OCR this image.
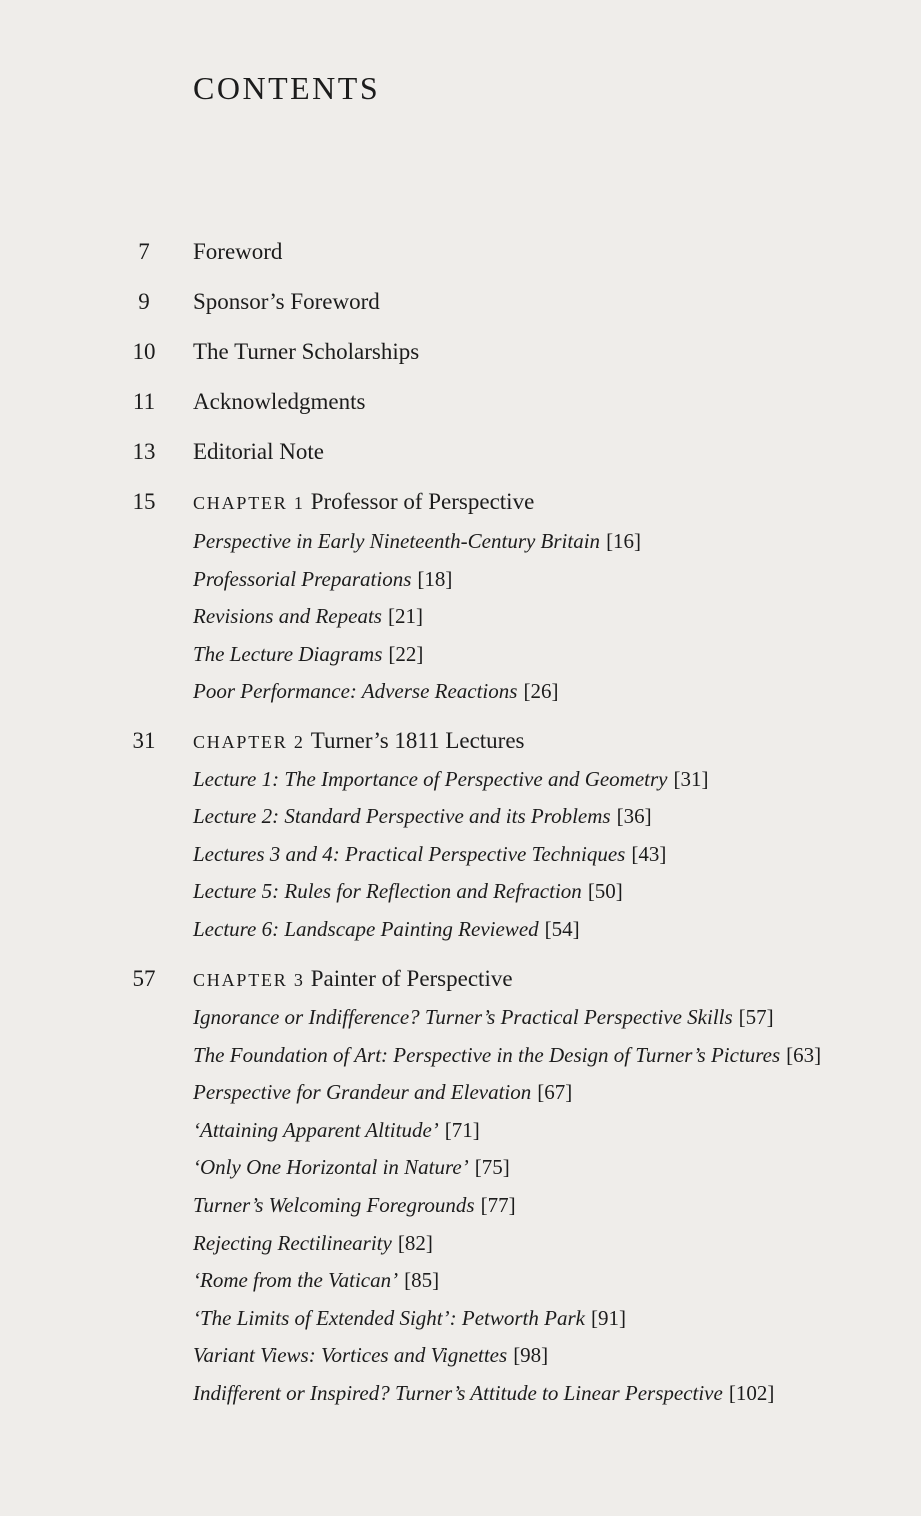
CONTENTS
7	Foreword
9	Sponsor’s Foreword
10	The Turner Scholarships
11	Acknowledgments
13	Editorial Note
15	CHAPTER 1 Professor of Perspective
Perspective in Early Nineteenth-Century Britain [16]
Professorial Preparations [18]
Revisions and Repeats [21]
The Lecture Diagrams [22]
Poor Performance: Adverse Reactions [26]
31	CHAPTER 2 Turner’s 1811 Lectures
Lecture 1: The Importance of Perspective and Geometry [31]
Lecture 2: Standard Perspective and its Problems [36]
Lectures 3 and 4: Practical Perspective Techniques [43]
Lecture 5: Rules for Reflection and Refraction [50]
Lecture 6: Landscape Painting Reviewed [54]
57	CHAPTER 3 Painter of Perspective
Ignorance or Indifference? Turner’s Practical Perspective Skills [57]
The Foundation of Art: Perspective in the Design of Turner’s Pictures [63]
Perspective for Grandeur and Elevation [67]
‘Attaining Apparent Altitude’ [71]
‘Only One Horizontal in Nature’ [75]
Turner’s Welcoming Foregrounds [77]
Rejecting Rectilinearity [82]
‘Rome from the Vatican’ [85]
‘The Limits of Extended Sight’: Petworth Park [91]
Variant Views: Vortices and Vignettes [98]
Indifferent or Inspired? Turner’s Attitude to Linear Perspective [102]
